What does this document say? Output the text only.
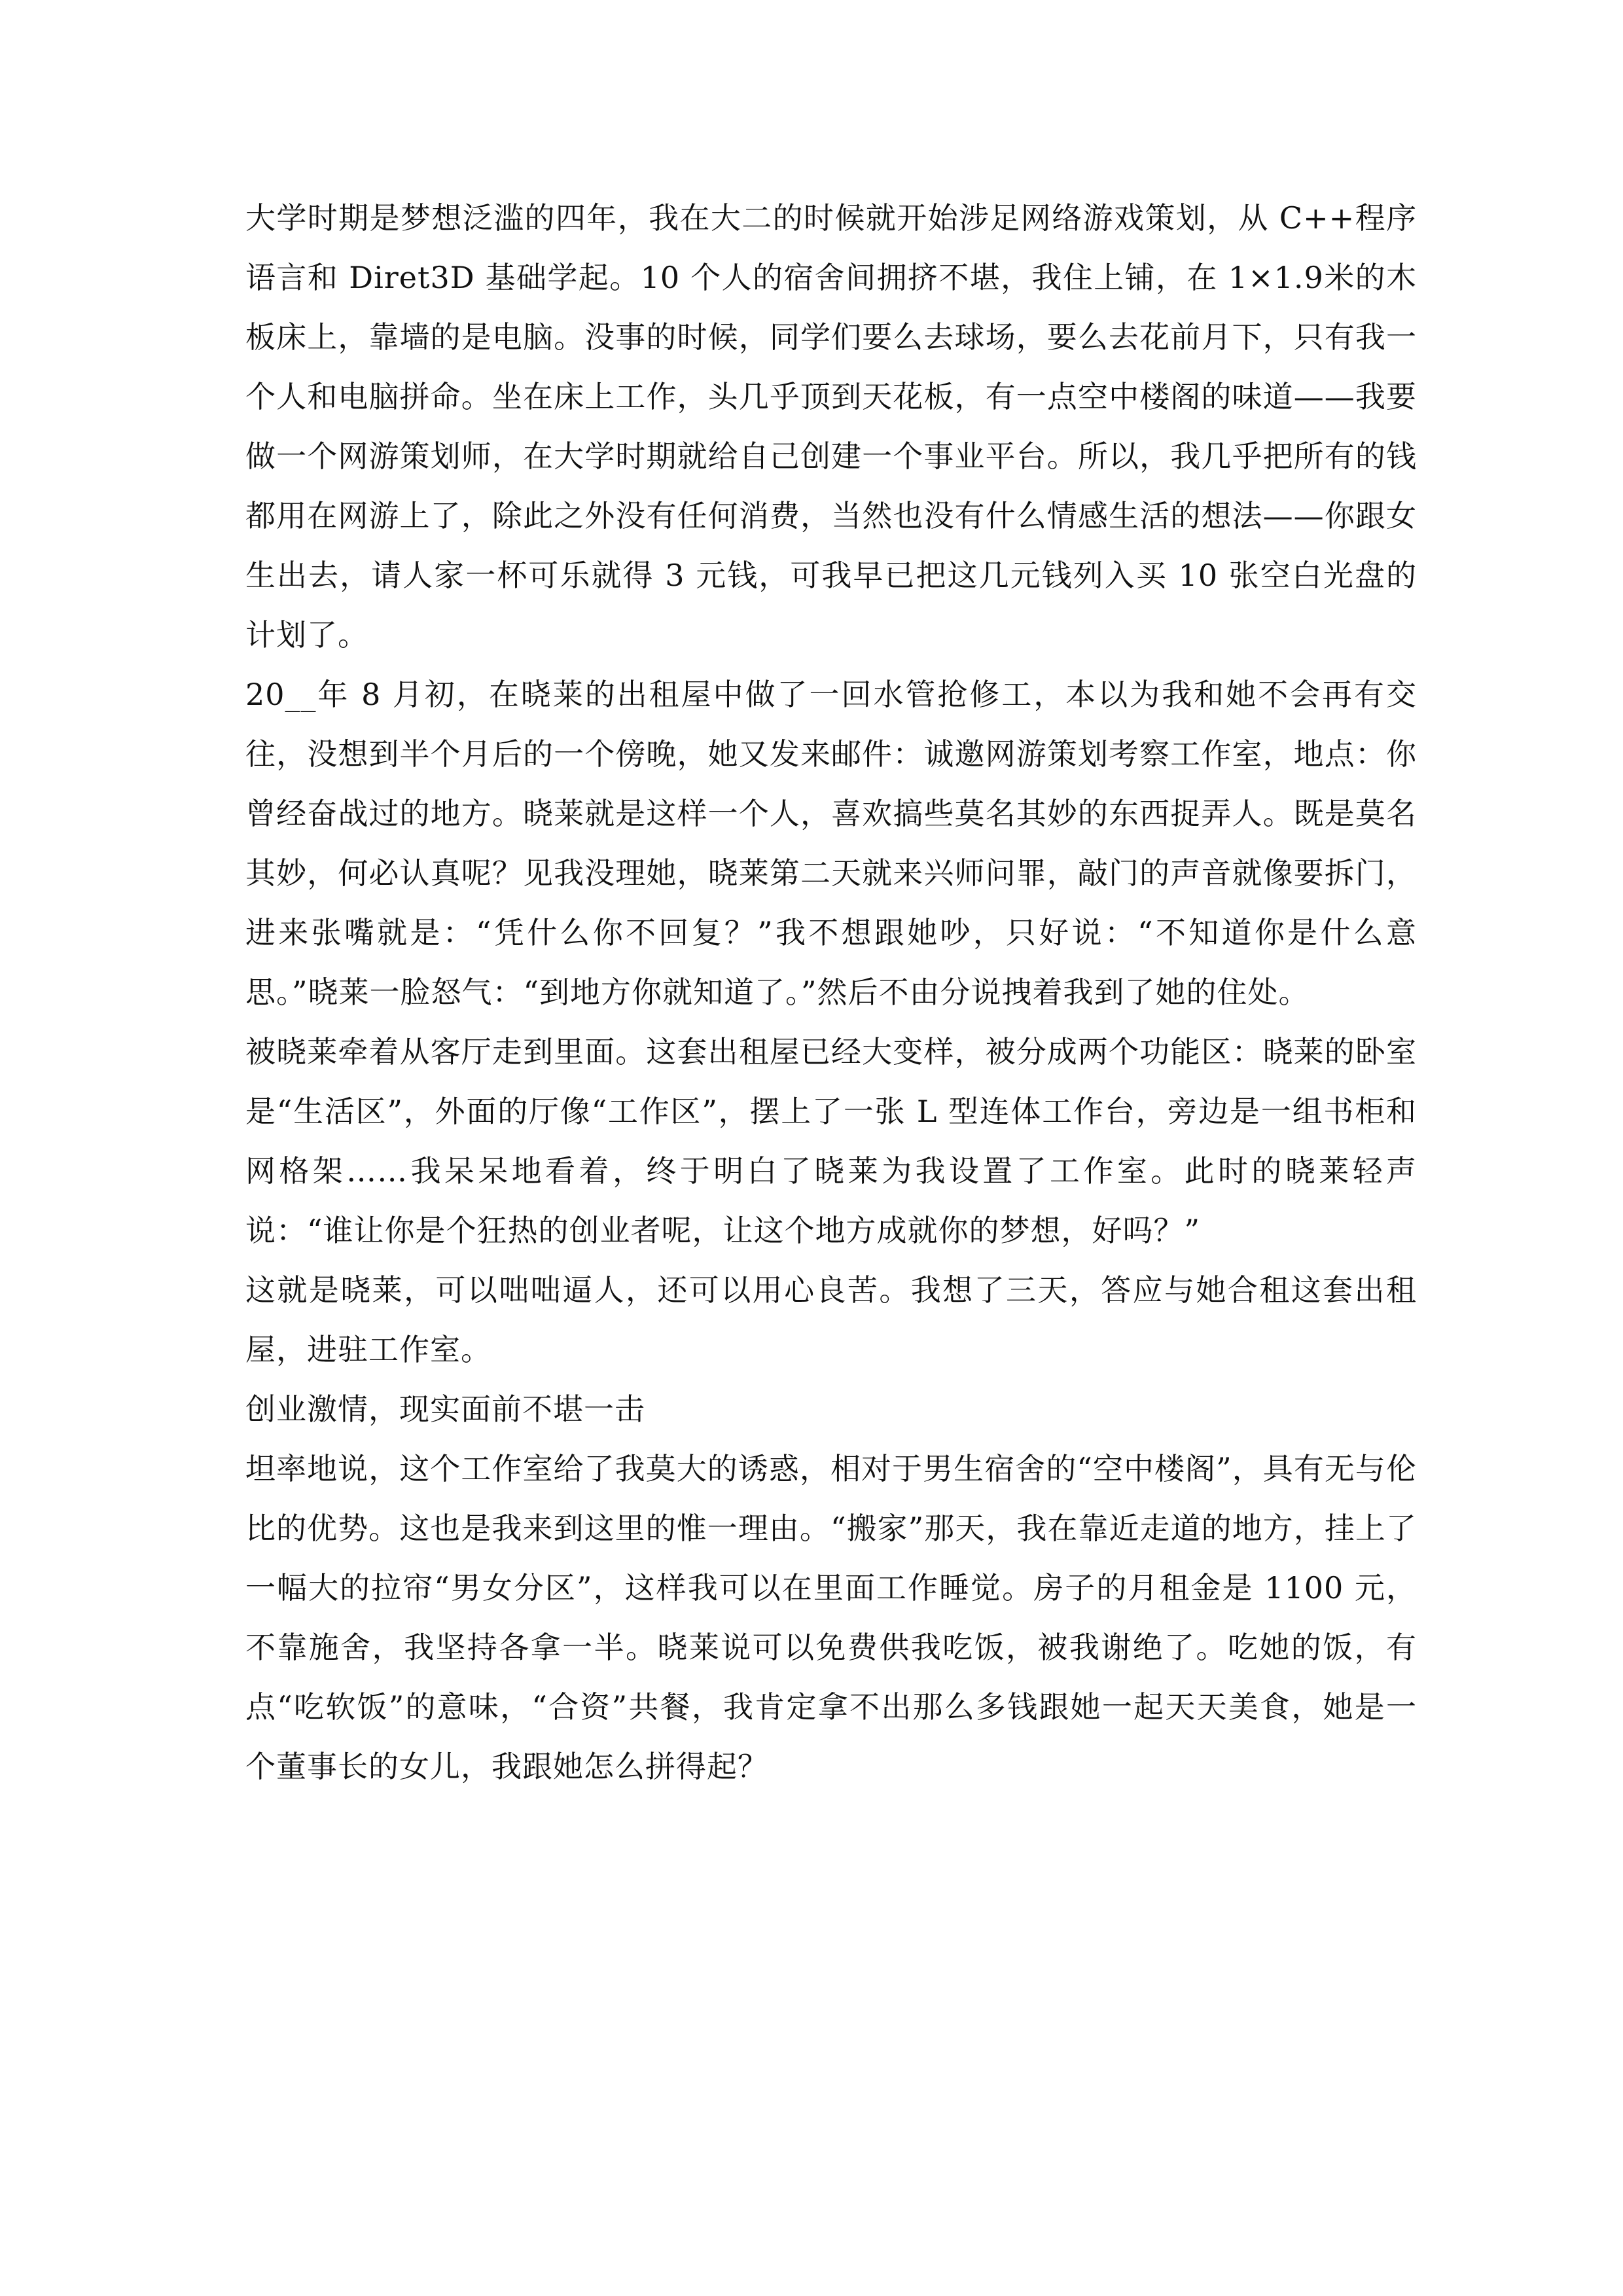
大学时期是梦想泛滥的四年，我在大二的时候就开始涉足网络游戏策划，从 C++程序语言和 Diret3D 基础学起。10 个人的宿舍间拥挤不堪，我住上铺，在 1×1.9米的木板床上，靠墙的是电脑。没事的时候，同学们要么去球场，要么去花前月下，只有我一个人和电脑拼命。坐在床上工作，头几乎顶到天花板，有一点空中楼阁的味道——我要做一个网游策划师，在大学时期就给自己创建一个事业平台。所以，我几乎把所有的钱都用在网游上了，除此之外没有任何消费，当然也没有什么情感生活的想法——你跟女生出去，请人家一杯可乐就得 3 元钱，可我早已把这几元钱列入买 10 张空白光盘的计划了。

20__年 8 月初，在晓莱的出租屋中做了一回水管抢修工，本以为我和她不会再有交往，没想到半个月后的一个傍晚，她又发来邮件：诚邀网游策划考察工作室，地点：你曾经奋战过的地方。晓莱就是这样一个人，喜欢搞些莫名其妙的东西捉弄人。既是莫名其妙，何必认真呢？见我没理她，晓莱第二天就来兴师问罪，敲门的声音就像要拆门，进来张嘴就是：“凭什么你不回复？”我不想跟她吵，只好说：“不知道你是什么意思。”晓莱一脸怒气：“到地方你就知道了。”然后不由分说拽着我到了她的住处。

被晓莱牵着从客厅走到里面。这套出租屋已经大变样，被分成两个功能区：晓莱的卧室是“生活区”，外面的厅像“工作区”，摆上了一张 L 型连体工作台，旁边是一组书柜和网格架……我呆呆地看着，终于明白了晓莱为我设置了工作室。此时的晓莱轻声说：“谁让你是个狂热的创业者呢，让这个地方成就你的梦想，好吗？”

这就是晓莱，可以咄咄逼人，还可以用心良苦。我想了三天，答应与她合租这套出租屋，进驻工作室。

创业激情，现实面前不堪一击

坦率地说，这个工作室给了我莫大的诱惑，相对于男生宿舍的“空中楼阁”，具有无与伦比的优势。这也是我来到这里的惟一理由。“搬家”那天，我在靠近走道的地方，挂上了一幅大的拉帘“男女分区”，这样我可以在里面工作睡觉。房子的月租金是 1100 元，不靠施舍，我坚持各拿一半。晓莱说可以免费供我吃饭，被我谢绝了。吃她的饭，有点“吃软饭”的意味，“合资”共餐，我肯定拿不出那么多钱跟她一起天天美食，她是一个董事长的女儿，我跟她怎么拼得起？
